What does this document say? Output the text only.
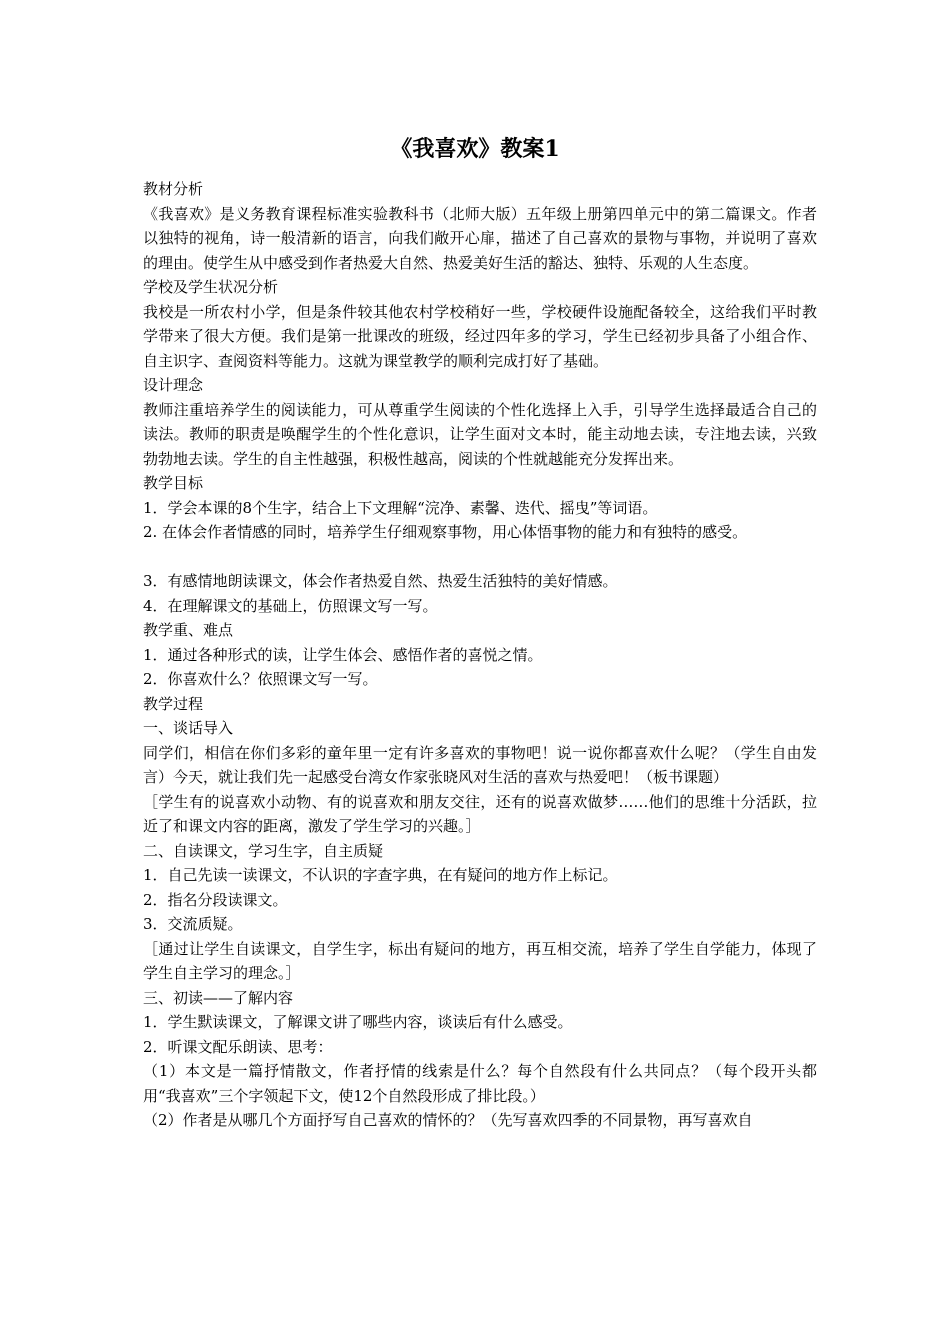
《我喜欢》教案1

教材分析

《我喜欢》是义务教育课程标准实验教科书（北师大版）五年级上册第四单元中的第二篇课文。作者以独特的视角，诗一般清新的语言，向我们敞开心扉，描述了自己喜欢的景物与事物，并说明了喜欢的理由。使学生从中感受到作者热爱大自然、热爱美好生活的豁达、独特、乐观的人生态度。

学校及学生状况分析

我校是一所农村小学，但是条件较其他农村学校稍好一些，学校硬件设施配备较全，这给我们平时教学带来了很大方便。我们是第一批课改的班级，经过四年多的学习，学生已经初步具备了小组合作、自主识字、查阅资料等能力。这就为课堂教学的顺利完成打好了基础。

设计理念

教师注重培养学生的阅读能力，可从尊重学生阅读的个性化选择上入手，引导学生选择最适合自己的读法。教师的职责是唤醒学生的个性化意识，让学生面对文本时，能主动地去读，专注地去读，兴致勃勃地去读。学生的自主性越强，积极性越高，阅读的个性就越能充分发挥出来。

教学目标

1．学会本课的8个生字，结合上下文理解“浣净、素馨、迭代、摇曳”等词语。

2. 在体会作者情感的同时，培养学生仔细观察事物，用心体悟事物的能力和有独特的感受。

3．有感情地朗读课文，体会作者热爱自然、热爱生活独特的美好情感。

4．在理解课文的基础上，仿照课文写一写。

教学重、难点

1．通过各种形式的读，让学生体会、感悟作者的喜悦之情。

2．你喜欢什么？依照课文写一写。

教学过程

一、谈话导入

同学们，相信在你们多彩的童年里一定有许多喜欢的事物吧！说一说你都喜欢什么呢？（学生自由发言）今天，就让我们先一起感受台湾女作家张晓风对生活的喜欢与热爱吧！（板书课题）

［学生有的说喜欢小动物、有的说喜欢和朋友交往，还有的说喜欢做梦……他们的思维十分活跃，拉近了和课文内容的距离，激发了学生学习的兴趣。］

二、自读课文，学习生字，自主质疑

1．自己先读一读课文，不认识的字查字典，在有疑问的地方作上标记。

2．指名分段读课文。

3．交流质疑。

［通过让学生自读课文，自学生字，标出有疑问的地方，再互相交流，培养了学生自学能力，体现了学生自主学习的理念。］

三、初读——了解内容

1．学生默读课文，了解课文讲了哪些内容，谈读后有什么感受。

2．听课文配乐朗读、思考：

（1）本文是一篇抒情散文，作者抒情的线索是什么？每个自然段有什么共同点？（每个段开头都用“我喜欢”三个字领起下文，使12个自然段形成了排比段。）

（2）作者是从哪几个方面抒写自己喜欢的情怀的？（先写喜欢四季的不同景物，再写喜欢自
